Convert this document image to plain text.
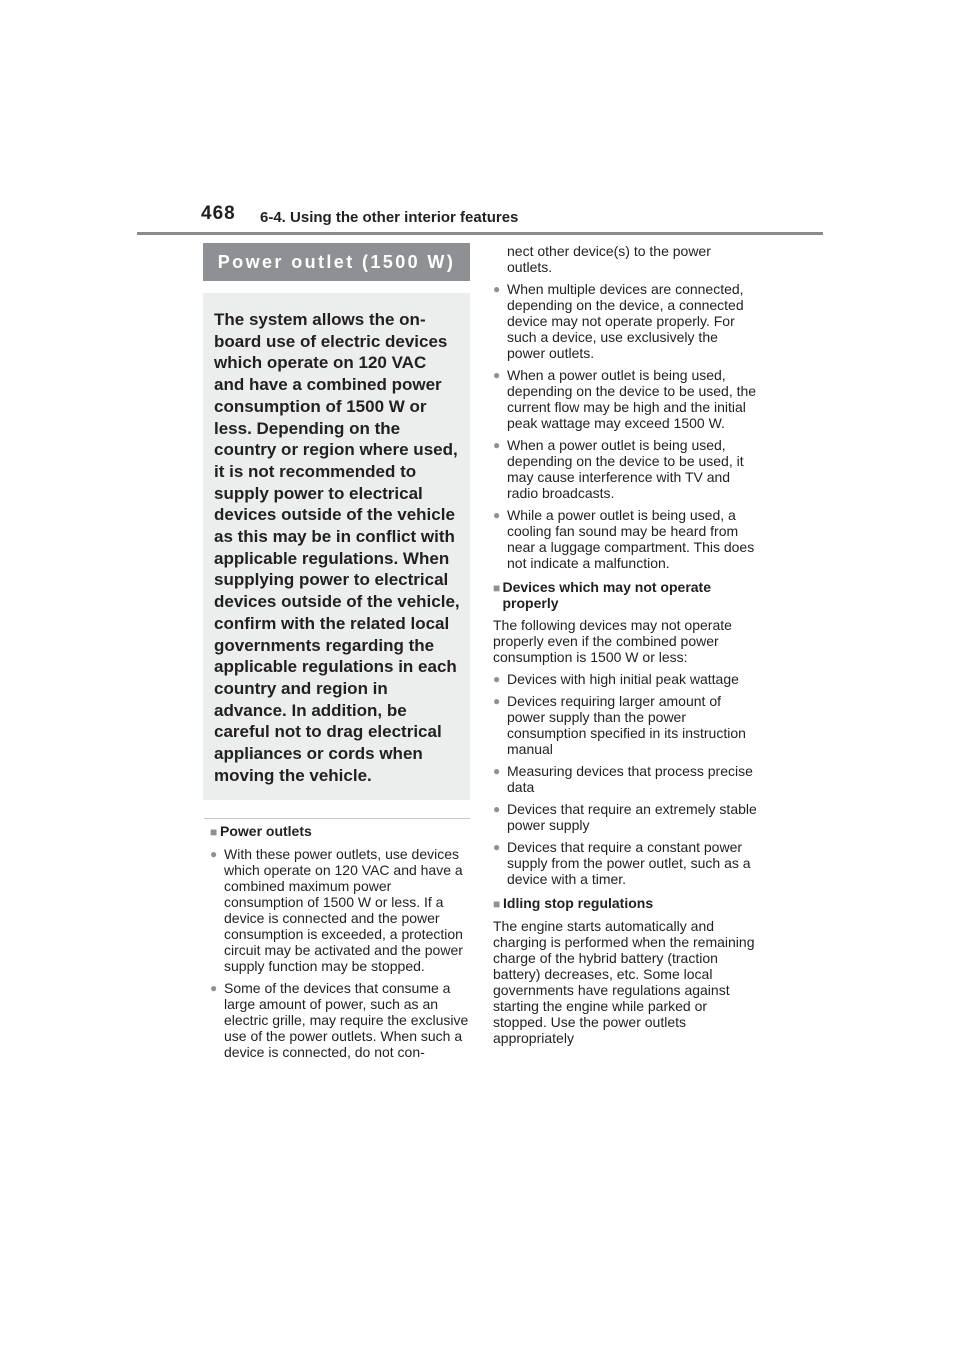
468 6-4. Using the other interior features
Power outlet (1500 W)
The system allows the on-board use of electric devices which operate on 120 VAC and have a combined power consumption of 1500 W or less. Depending on the country or region where used, it is not recommended to supply power to electrical devices outside of the vehicle as this may be in conflict with applicable regulations. When supplying power to electrical devices outside of the vehicle, confirm with the related local governments regarding the applicable regulations in each country and region in advance. In addition, be careful not to drag electrical appliances or cords when moving the vehicle.
■ Power outlets
● With these power outlets, use devices which operate on 120 VAC and have a combined maximum power consumption of 1500 W or less. If a device is connected and the power consumption is exceeded, a protection circuit may be activated and the power supply function may be stopped.
● Some of the devices that consume a large amount of power, such as an electric grille, may require the exclusive use of the power outlets. When such a device is connected, do not con-
nect other device(s) to the power outlets.
● When multiple devices are connected, depending on the device, a connected device may not operate properly. For such a device, use exclusively the power outlets.
● When a power outlet is being used, depending on the device to be used, the current flow may be high and the initial peak wattage may exceed 1500 W.
● When a power outlet is being used, depending on the device to be used, it may cause interference with TV and radio broadcasts.
● While a power outlet is being used, a cooling fan sound may be heard from near a luggage compartment. This does not indicate a malfunction.
■ Devices which may not operate properly
The following devices may not operate properly even if the combined power consumption is 1500 W or less:
● Devices with high initial peak wattage
● Devices requiring larger amount of power supply than the power consumption specified in its instruction manual
● Measuring devices that process precise data
● Devices that require an extremely stable power supply
● Devices that require a constant power supply from the power outlet, such as a device with a timer.
■ Idling stop regulations
The engine starts automatically and charging is performed when the remaining charge of the hybrid battery (traction battery) decreases, etc. Some local governments have regulations against starting the engine while parked or stopped. Use the power outlets appropriately
